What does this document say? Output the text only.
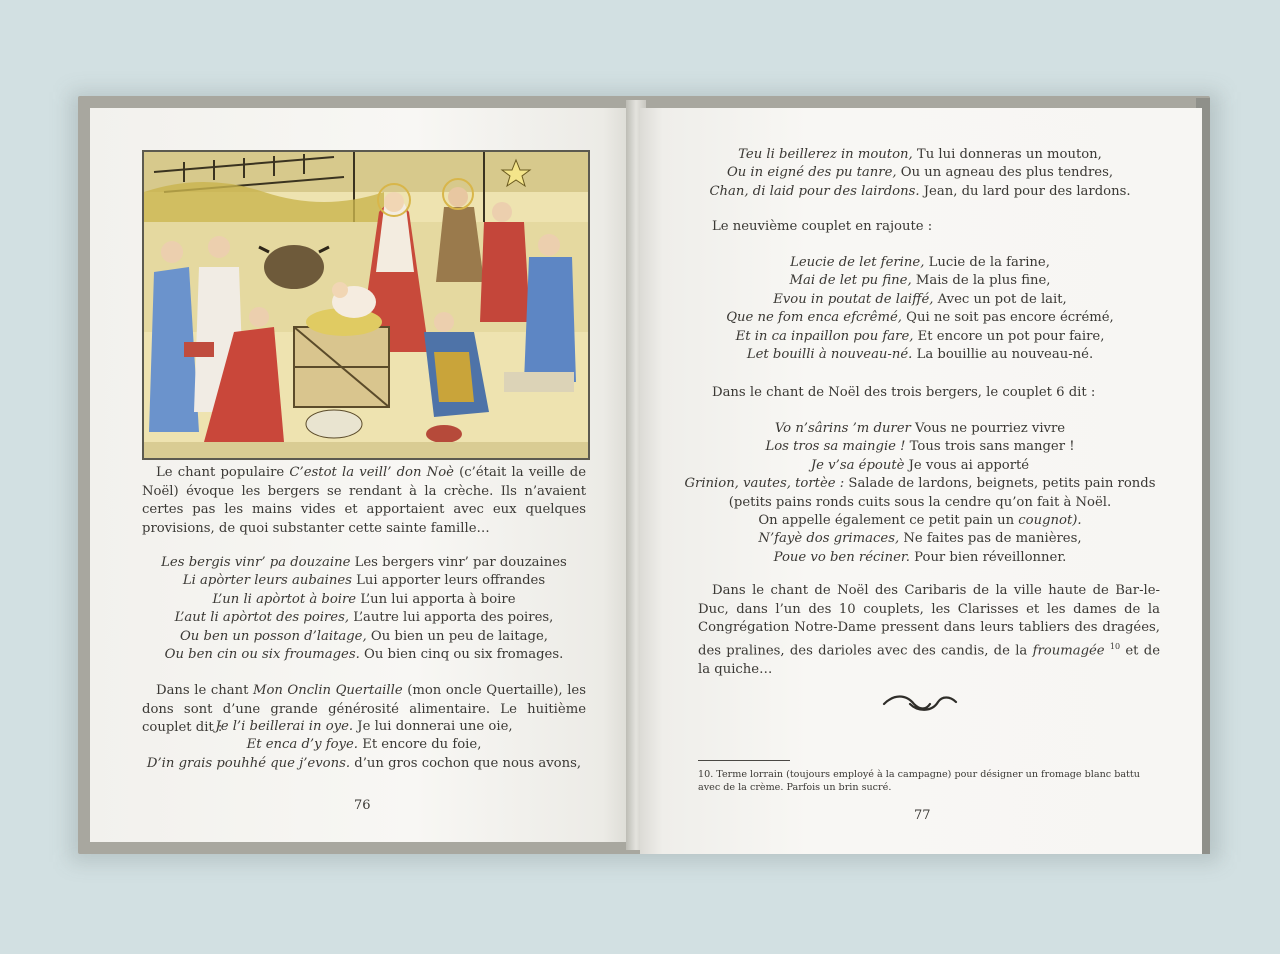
Le chant populaire C’estot la veill’ don Noè (c’était la veille de Noël) évoque les bergers se rendant à la crèche. Ils n’avaient certes pas les mains vides et apportaient avec eux quelques provisions, de quoi substanter cette sainte famille…

Les bergis vinr’ pa douzaine Les bergers vinr’ par douzaines
Li apòrter leurs aubaines Lui apporter leurs offrandes
L’un li apòrtot à boire L’un lui apporta à boire
L’aut li apòrtot des poires, L’autre lui apporta des poires,
Ou ben un posson d’laitage, Ou bien un peu de laitage,
Ou ben cin ou six froumages. Ou bien cinq ou six fromages.

Dans le chant Mon Onclin Quertaille (mon oncle Quertaille), les dons sont d’une grande générosité alimentaire. Le huitième couplet dit :

Je l’i beillerai in oye. Je lui donnerai une oie,
Et enca d’y foye. Et encore du foie,
D’in grais pouhhé que j’evons. d’un gros cochon que nous avons,
76
Teu li beillerez in mouton, Tu lui donneras un mouton,
Ou in eigné des pu tanre, Ou un agneau des plus tendres,
Chan, di laid pour des lairdons. Jean, du lard pour des lardons.

Le neuvième couplet en rajoute :

Leucie de let ferine, Lucie de la farine,
Mai de let pu fine, Mais de la plus fine,
Evou in poutat de laiffé, Avec un pot de lait,
Que ne fom enca efcrêmé, Qui ne soit pas encore écrémé,
Et in ca inpaillon pou fare, Et encore un pot pour faire,
Let bouilli à nouveau-né. La bouillie au nouveau-né.

Dans le chant de Noël des trois bergers, le couplet 6 dit :

Vo n’sârins ’m durer Vous ne pourriez vivre
Los tros sa maingie ! Tous trois sans manger !
Je v’sa époutè Je vous ai apporté
Grinion, vautes, tortèe : Salade de lardons, beignets, petits pain ronds
(petits pains ronds cuits sous la cendre qu’on fait à Noël.
On appelle également ce petit pain un cougnot).
N’fayè dos grimaces, Ne faites pas de manières,
Poue vo ben réciner. Pour bien réveillonner.

Dans le chant de Noël des Caribaris de la ville haute de Bar-le-Duc, dans l’un des 10 couplets, les Clarisses et les dames de la Congrégation Notre-Dame pressent dans leurs tabliers des dragées, des pralines, des darioles avec des candis, de la froumagée $^{10}$ et de la quiche…

10. Terme lorrain (toujours employé à la campagne) pour désigner un fromage blanc battu avec de la crème. Parfois un brin sucré.

77
